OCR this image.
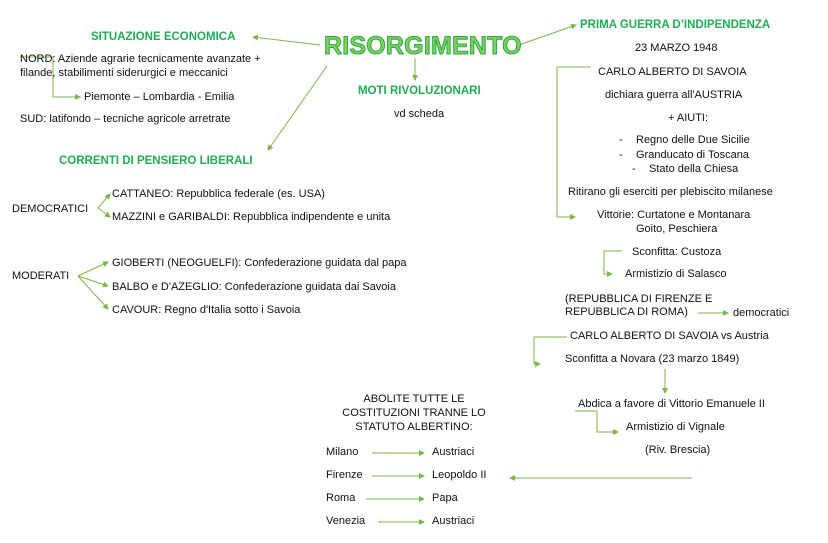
RISORGIMENTO
SITUAZIONE ECONOMICA
NORD: Aziende agrarie tecnicamente avanzate +
filande, stabilimenti siderurgici e meccanici
Piemonte – Lombardia - Emilia
SUD: latifondo – tecniche agricole arretrate
CORRENTI DI PENSIERO LIBERALI
DEMOCRATICI
CATTANEO: Repubblica federale (es. USA)
MAZZINI e GARIBALDI: Repubblica indipendente e unita
MODERATI
GIOBERTI (NEOGUELFI): Confederazione guidata dal papa
BALBO e D'AZEGLIO: Confederazione guidata dai Savoia
CAVOUR: Regno d'Italia sotto i Savoia
MOTI RIVOLUZIONARI
vd scheda
PRIMA GUERRA D’INDIPENDENZA
23 MARZO 1948
CARLO ALBERTO DI SAVOIA
dichiara guerra all'AUSTRIA
+ AIUTI:
- Regno delle Due Sicilie
- Granducato di Toscana
- Stato della Chiesa
Ritirano gli eserciti per plebiscito milanese
Vittorie: Curtatone e Montanara
Goito, Peschiera
Sconfitta: Custoza
Armistizio di Salasco
(REPUBBLICA DI FIRENZE E
REPUBBLICA DI ROMA)	democratici
CARLO ALBERTO DI SAVOIA vs Austria
Sconfitta a Novara (23 marzo 1849)
Abdica a favore di Vittorio Emanuele II
Armistizio di Vignale
(Riv. Brescia)
ABOLITE TUTTE LE
COSTITUZIONI TRANNE LO
STATUTO ALBERTINO:
Milano	Austriaci
Firenze	Leopoldo II
Roma	Papa
Venezia	Austriaci
